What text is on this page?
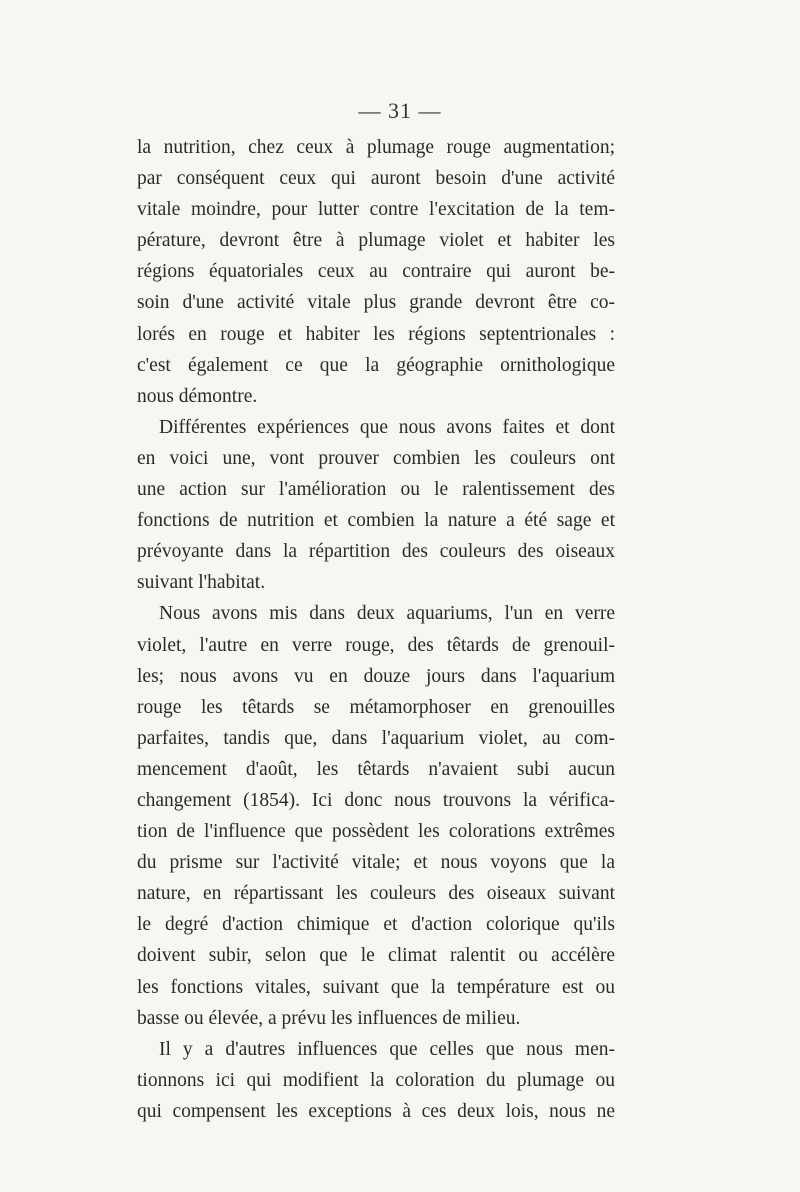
— 31 —
la nutrition, chez ceux à plumage rouge augmentation;
par conséquent ceux qui auront besoin d'une activité
vitale moindre, pour lutter contre l'excitation de la tem-
pérature, devront être à plumage violet et habiter les
régions équatoriales ceux au contraire qui auront be-
soin d'une activité vitale plus grande devront être co-
lorés en rouge et habiter les régions septentrionales :
c'est également ce que la géographie ornithologique
nous démontre.
Différentes expériences que nous avons faites et dont
en voici une, vont prouver combien les couleurs ont
une action sur l'amélioration ou le ralentissement des
fonctions de nutrition et combien la nature a été sage et
prévoyante dans la répartition des couleurs des oiseaux
suivant l'habitat.
Nous avons mis dans deux aquariums, l'un en verre
violet, l'autre en verre rouge, des têtards de grenouil-
les; nous avons vu en douze jours dans l'aquarium
rouge les têtards se métamorphoser en grenouilles
parfaites, tandis que, dans l'aquarium violet, au com-
mencement d'août, les têtards n'avaient subi aucun
changement (1854). Ici donc nous trouvons la vérifica-
tion de l'influence que possèdent les colorations extrêmes
du prisme sur l'activité vitale; et nous voyons que la
nature, en répartissant les couleurs des oiseaux suivant
le degré d'action chimique et d'action colorique qu'ils
doivent subir, selon que le climat ralentit ou accélère
les fonctions vitales, suivant que la température est ou
basse ou élevée, a prévu les influences de milieu.
Il y a d'autres influences que celles que nous men-
tionnons ici qui modifient la coloration du plumage ou
qui compensent les exceptions à ces deux lois, nous ne
